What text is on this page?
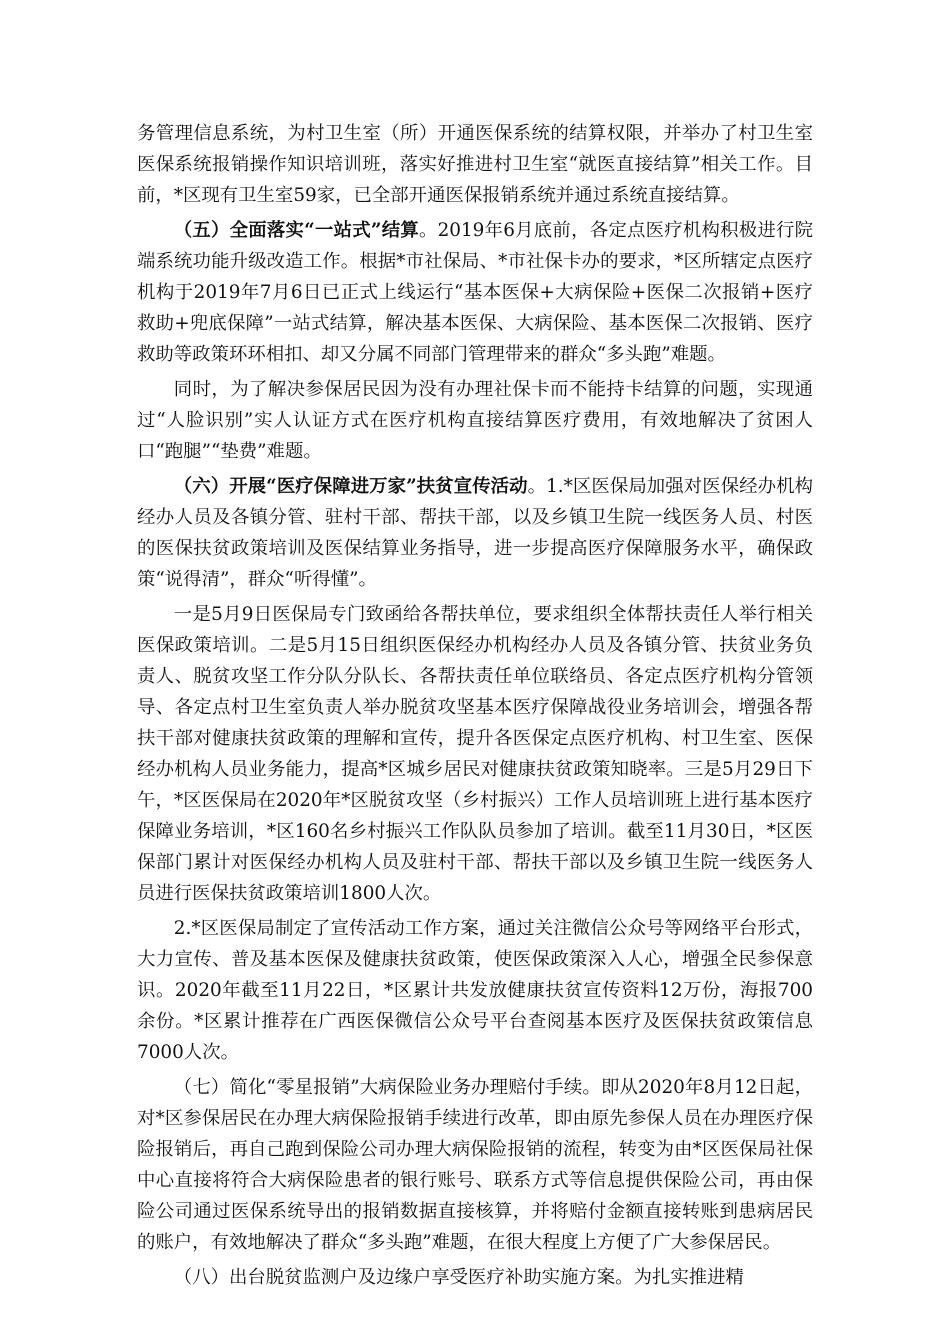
务管理信息系统，为村卫生室（所）开通医保系统的结算权限，并举办了村卫生室医保系统报销操作知识培训班，落实好推进村卫生室“就医直接结算”相关工作。目前，*区现有卫生室59家，已全部开通医保报销系统并通过系统直接结算。

（五）全面落实“一站式”结算。2019年6月底前，各定点医疗机构积极进行院端系统功能升级改造工作。根据*市社保局、*市社保卡办的要求，*区所辖定点医疗机构于2019年7月6日已正式上线运行“基本医保+大病保险+医保二次报销+医疗救助+兜底保障”一站式结算，解决基本医保、大病保险、基本医保二次报销、医疗救助等政策环环相扣、却又分属不同部门管理带来的群众“多头跑”难题。

同时，为了解决参保居民因为没有办理社保卡而不能持卡结算的问题，实现通过“人脸识别”实人认证方式在医疗机构直接结算医疗费用，有效地解决了贫困人口“跑腿”“垫费”难题。

（六）开展“医疗保障进万家”扶贫宣传活动。1.*区医保局加强对医保经办机构经办人员及各镇分管、驻村干部、帮扶干部，以及乡镇卫生院一线医务人员、村医的医保扶贫政策培训及医保结算业务指导，进一步提高医疗保障服务水平，确保政策“说得清”，群众“听得懂”。

一是5月9日医保局专门致函给各帮扶单位，要求组织全体帮扶责任人举行相关医保政策培训。二是5月15日组织医保经办机构经办人员及各镇分管、扶贫业务负责人、脱贫攻坚工作分队分队长、各帮扶责任单位联络员、各定点医疗机构分管领导、各定点村卫生室负责人举办脱贫攻坚基本医疗保障战役业务培训会，增强各帮扶干部对健康扶贫政策的理解和宣传，提升各医保定点医疗机构、村卫生室、医保经办机构人员业务能力，提高*区城乡居民对健康扶贫政策知晓率。三是5月29日下午，*区医保局在2020年*区脱贫攻坚（乡村振兴）工作人员培训班上进行基本医疗保障业务培训，*区160名乡村振兴工作队队员参加了培训。截至11月30日，*区医保部门累计对医保经办机构人员及驻村干部、帮扶干部以及乡镇卫生院一线医务人员进行医保扶贫政策培训1800人次。

2.*区医保局制定了宣传活动工作方案，通过关注微信公众号等网络平台形式，大力宣传、普及基本医保及健康扶贫政策，使医保政策深入人心，增强全民参保意识。2020年截至11月22日，*区累计共发放健康扶贫宣传资料12万份，海报700余份。*区累计推荐在广西医保微信公众号平台查阅基本医疗及医保扶贫政策信息7000人次。

（七）简化“零星报销”大病保险业务办理赔付手续。即从2020年8月12日起，对*区参保居民在办理大病保险报销手续进行改革，即由原先参保人员在办理医疗保险报销后，再自己跑到保险公司办理大病保险报销的流程，转变为由*区医保局社保中心直接将符合大病保险患者的银行账号、联系方式等信息提供保险公司，再由保险公司通过医保系统导出的报销数据直接核算，并将赔付金额直接转账到患病居民的账户，有效地解决了群众“多头跑”难题，在很大程度上方便了广大参保居民。

（八）出台脱贫监测户及边缘户享受医疗补助实施方案。为扎实推进精
